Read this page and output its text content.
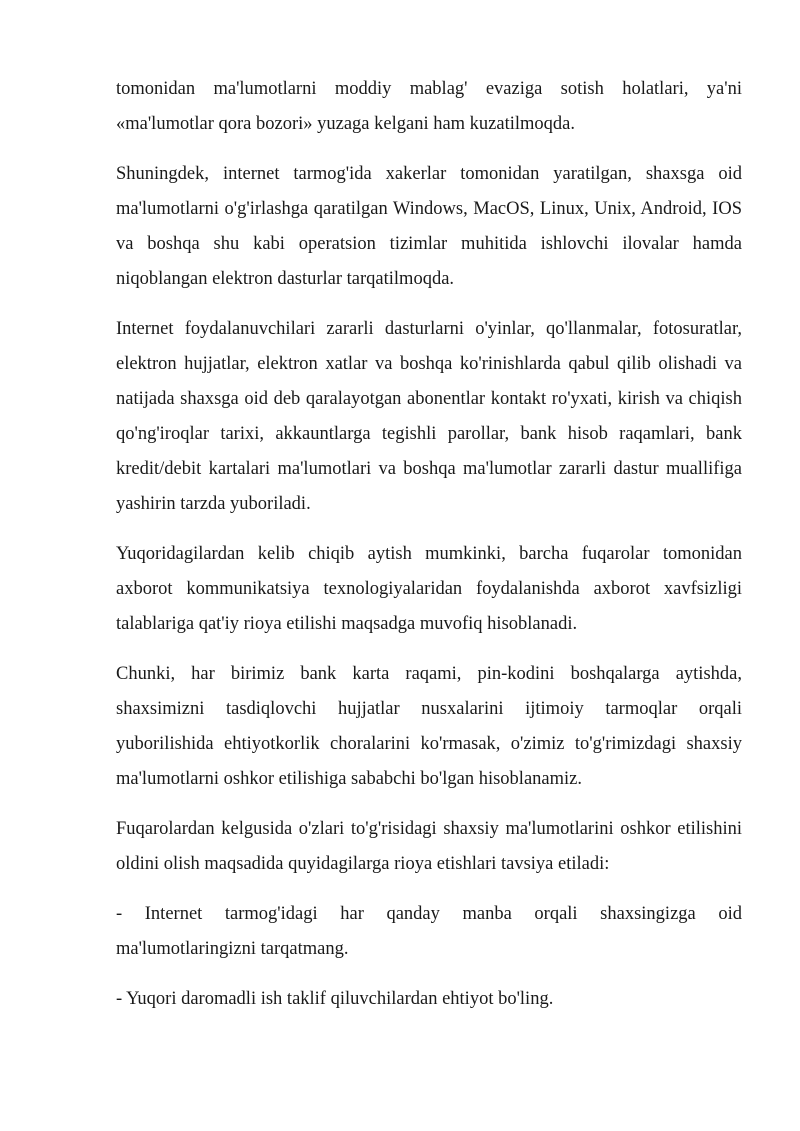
tomonidan ma'lumotlarni moddiy mablag' evaziga sotish holatlari, ya'ni «ma'lumotlar qora bozori» yuzaga kelgani ham kuzatilmoqda.

Shuningdek, internet tarmog'ida xakerlar tomonidan yaratilgan, shaxsga oid ma'lumotlarni o'g'irlashga qaratilgan Windows, MacOS, Linux, Unix, Android, IOS va boshqa shu kabi operatsion tizimlar muhitida ishlovchi ilovalar hamda niqoblangan elektron dasturlar tarqatilmoqda.

Internet foydalanuvchilari zararli dasturlarni o'yinlar, qo'llanmalar, fotosuratlar, elektron hujjatlar, elektron xatlar va boshqa ko'rinishlarda qabul qilib olishadi va natijada shaxsga oid deb qaralayotgan abonentlar kontakt ro'yxati, kirish va chiqish qo'ng'iroqlar tarixi, akkauntlarga tegishli parollar, bank hisob raqamlari, bank kredit/debit kartalari ma'lumotlari va boshqa ma'lumotlar zararli dastur muallifiga yashirin tarzda yuboriladi.

Yuqoridagilardan kelib chiqib aytish mumkinki, barcha fuqarolar tomonidan axborot kommunikatsiya texnologiyalaridan foydalanishda axborot xavfsizligi talablariga qat'iy rioya etilishi maqsadga muvofiq hisoblanadi.

Chunki, har birimiz bank karta raqami, pin-kodini boshqalarga aytishda, shaxsimizni tasdiqlovchi hujjatlar nusxalarini ijtimoiy tarmoqlar orqali yuborilishida ehtiyotkorlik choralarini ko'rmasak, o'zimiz to'g'rimizdagi shaxsiy ma'lumotlarni oshkor etilishiga sababchi bo'lgan hisoblanamiz.

Fuqarolardan kelgusida o'zlari to'g'risidagi shaxsiy ma'lumotlarini oshkor etilishini oldini olish maqsadida quyidagilarga rioya etishlari tavsiya etiladi:

- Internet tarmog'idagi har qanday manba orqali shaxsingizga oid ma'lumotlaringizni tarqatmang.

- Yuqori daromadli ish taklif qiluvchilardan ehtiyot bo'ling.
